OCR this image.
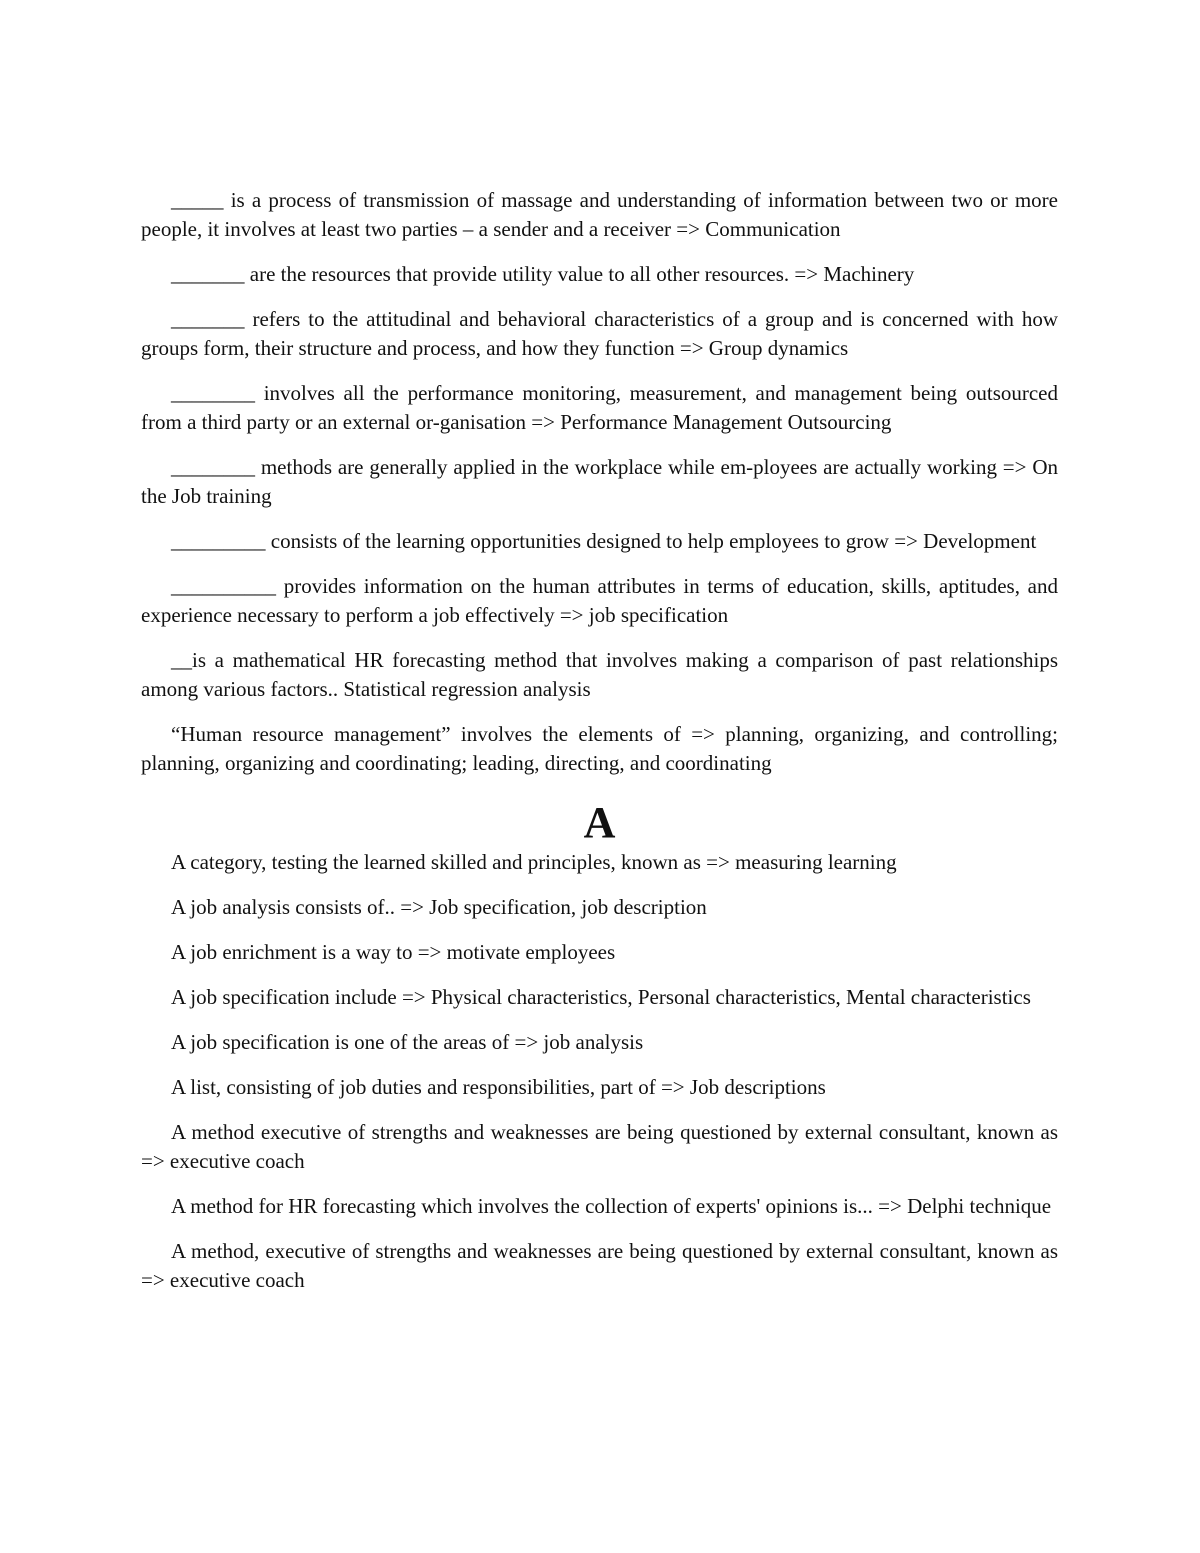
_____ is a process of transmission of massage and understanding of information between two or more people, it involves at least two parties – a sender and a receiver => Communication

_______ are the resources that provide utility value to all other resources. => Machinery

_______ refers to the attitudinal and behavioral characteristics of a group and is concerned with how groups form, their structure and process, and how they function => Group dynamics

________ involves all the performance monitoring, measurement, and management being outsourced from a third party or an external or-ganisation => Performance Management Outsourcing

________ methods are generally applied in the workplace while em-ployees are actually working => On the Job training

_________ consists of the learning opportunities designed to help employees to grow => Development

__________ provides information on the human attributes in terms of education, skills, aptitudes, and experience necessary to perform a job effectively => job specification

__is a mathematical HR forecasting method that involves making a comparison of past relationships among various factors.. Statistical regression analysis

“Human resource management” involves the elements of => planning, organizing, and controlling; planning, organizing and coordinating; leading, directing, and coordinating

A

A category, testing the learned skilled and principles, known as => measuring learning

A job analysis consists of.. => Job specification, job description

A job enrichment is a way to => motivate employees

A job specification include => Physical characteristics, Personal characteristics, Mental characteristics

A job specification is one of the areas of => job analysis

A list, consisting of job duties and responsibilities, part of => Job descriptions

A method executive of strengths and weaknesses are being questioned by external consultant, known as => executive coach

A method for HR forecasting which involves the collection of experts' opinions is... => Delphi technique

A method, executive of strengths and weaknesses are being questioned by external consultant, known as => executive coach
